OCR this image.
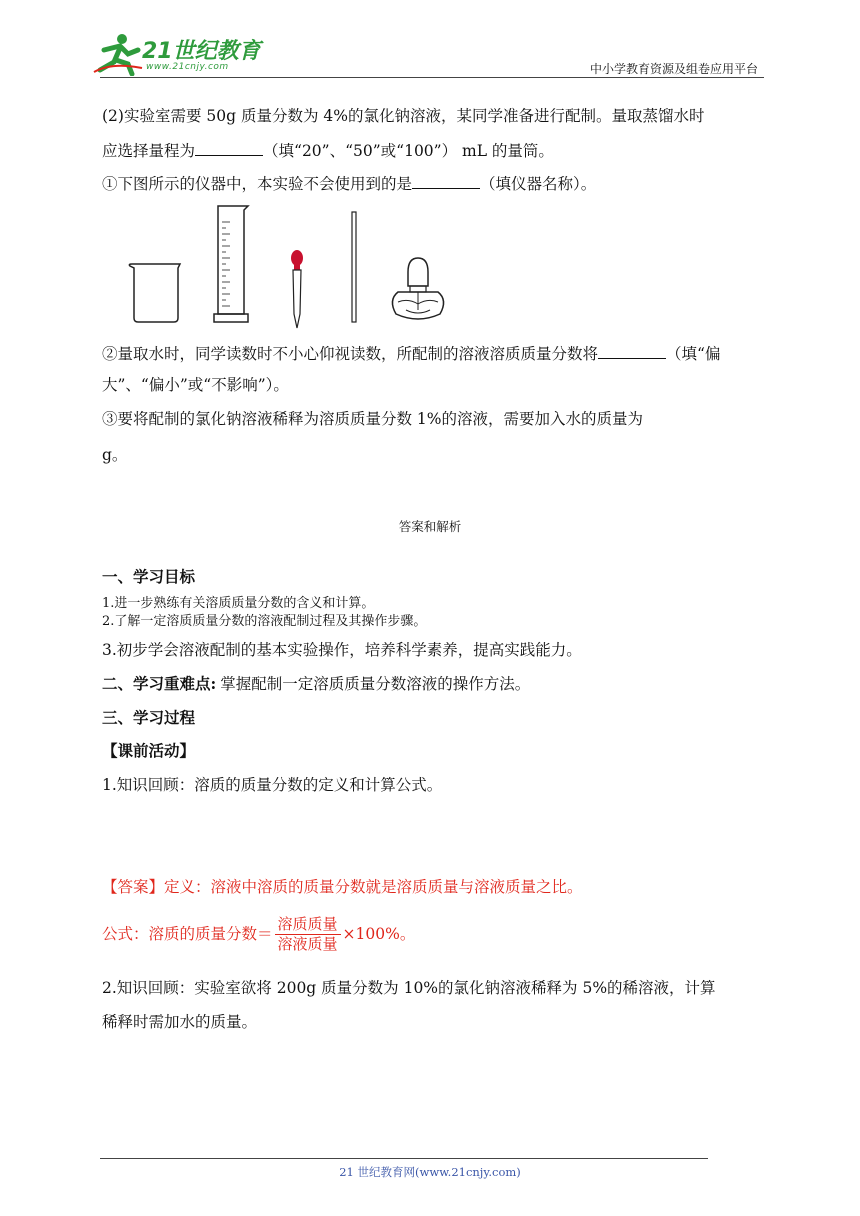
21世纪教育
www.21cnjy.com	中小学教育资源及组卷应用平台
(2)实验室需要 50g 质量分数为 4%的氯化钠溶液，某同学准备进行配制。量取蒸馏水时
应选择量程为	（填“20”、“50”或“100”） mL 的量筒。
①下图所示的仪器中，本实验不会使用到的是	（填仪器名称）。
②量取水时，同学读数时不小心仰视读数，所配制的溶液溶质质量分数将	（填“偏
大”、“偏小”或“不影响”）。
③要将配制的氯化钠溶液稀释为溶质质量分数 1%的溶液，需要加入水的质量为
g。
答案和解析
一、学习目标
1.进一步熟练有关溶质质量分数的含义和计算。
2.了解一定溶质质量分数的溶液配制过程及其操作步骤。
3.初步学会溶液配制的基本实验操作，培养科学素养，提高实践能力。
二、学习重难点: 掌握配制一定溶质质量分数溶液的操作方法。
三、学习过程
【课前活动】
1.知识回顾：溶质的质量分数的定义和计算公式。
【答案】定义：溶液中溶质的质量分数就是溶质质量与溶液质量之比。
公式：溶质的质量分数＝ $\frac{\text{溶质质量}}{\text{溶液质量}} \times 100\%$。
2.知识回顾：实验室欲将 200g 质量分数为 10%的氯化钠溶液稀释为 5%的稀溶液，计算
稀释时需加水的质量。
21 世纪教育网(www.21cnjy.com)
